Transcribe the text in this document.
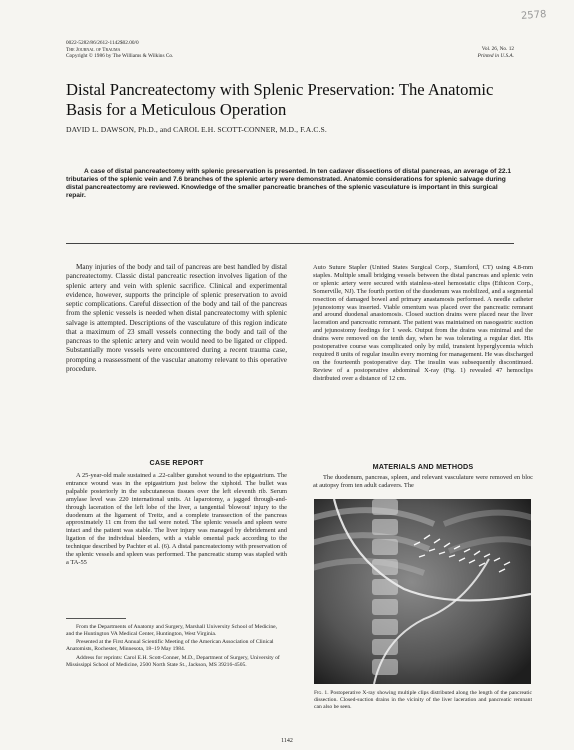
0022-5282/86/2612-1142$02.00/0
The Journal of Trauma
Copyright © 1986 by The Williams & Wilkins Co.
Vol. 26, No. 12
Printed in U.S.A.
2578
Distal Pancreatectomy with Splenic Preservation: The Anatomic Basis for a Meticulous Operation
DAVID L. DAWSON, Ph.D., and CAROL E.H. SCOTT-CONNER, M.D., F.A.C.S.
A case of distal pancreatectomy with splenic preservation is presented. In ten cadaver dissections of distal pancreas, an average of 22.1 tributaries of the splenic vein and 7.6 branches of the splenic artery were demonstrated. Anatomic considerations for splenic salvage during distal pancreatectomy are reviewed. Knowledge of the smaller pancreatic branches of the splenic vasculature is important in this surgical repair.

Many injuries of the body and tail of pancreas are best handled by distal pancreatectomy. Classic distal pancreatic resection involves ligation of the splenic artery and vein with splenic sacrifice. Clinical and experimental evidence, however, supports the principle of splenic preservation to avoid septic complications. Careful dissection of the body and tail of the pancreas from the splenic vessels is needed when distal pancreatectomy with splenic salvage is attempted. Descriptions of the vasculature of this region indicate that a maximum of 23 small vessels connecting the body and tail of the pancreas to the splenic artery and vein would need to be ligated or clipped. Substantially more vessels were encountered during a recent trauma case, prompting a reassessment of the vascular anatomy relevant to this operative procedure.

CASE REPORT

A 25-year-old male sustained a .22-caliber gunshot wound to the epigastrium. The entrance wound was in the epigastrium just below the xiphoid. The bullet was palpable posteriorly in the subcutaneous tissues over the left eleventh rib. Serum amylase level was 220 international units. At laparotomy, a jagged through-and-through laceration of the left lobe of the liver, a tangential 'blowout' injury to the duodenum at the ligament of Treitz, and a complete transsection of the pancreas approximately 11 cm from the tail were noted. The splenic vessels and spleen were intact and the patient was stable. The liver injury was managed by debridement and ligation of the individual bleeders, with a viable omental pack according to the technique described by Pachter et al. (6). A distal pancreatectomy with preservation of the splenic vessels and spleen was performed. The pancreatic stump was stapled with a TA-55

From the Departments of Anatomy and Surgery, Marshall University School of Medicine, and the Huntington VA Medical Center, Huntington, West Virginia.

Presented at the First Annual Scientific Meeting of the American Association of Clinical Anatomists, Rochester, Minnesota, 18–19 May 1984.

Address for reprints: Carol E.H. Scott-Conner, M.D., Department of Surgery, University of Mississippi School of Medicine, 2500 North State St., Jackson, MS 39216-4505.

Auto Suture Stapler (United States Surgical Corp., Stamford, CT) using 4.8-mm staples. Multiple small bridging vessels between the distal pancreas and splenic vein or splenic artery were secured with stainless-steel hemostatic clips (Ethicon Corp., Somerville, NJ). The fourth portion of the duodenum was mobilized, and a segmental resection of damaged bowel and primary anastamosis performed. A needle catheter jejunostomy was inserted. Viable omentum was placed over the pancreatic remnant and around duodenal anastomosis. Closed suction drains were placed near the liver laceration and pancreatic remnant. The patient was maintained on nasogastric suction and jejunostomy feedings for 1 week. Output from the drains was minimal and the drains were removed on the tenth day, when he was tolerating a regular diet. His postoperative course was complicated only by mild, transient hyperglycemia which required 8 units of regular insulin every morning for management. He was discharged on the fourteenth postoperative day. The insulin was subsequently discontinued. Review of a postoperative abdominal X-ray (Fig. 1) revealed 47 hemoclips distributed over a distance of 12 cm.

MATERIALS AND METHODS

The duodenum, pancreas, spleen, and relevant vasculature were removed en bloc at autopsy from ten adult cadavers. The

Fig. 1. Postoperative X-ray showing multiple clips distributed along the length of the pancreatic dissection. Closed-suction drains in the vicinity of the liver laceration and pancreatic remnant can also be seen.
1142
